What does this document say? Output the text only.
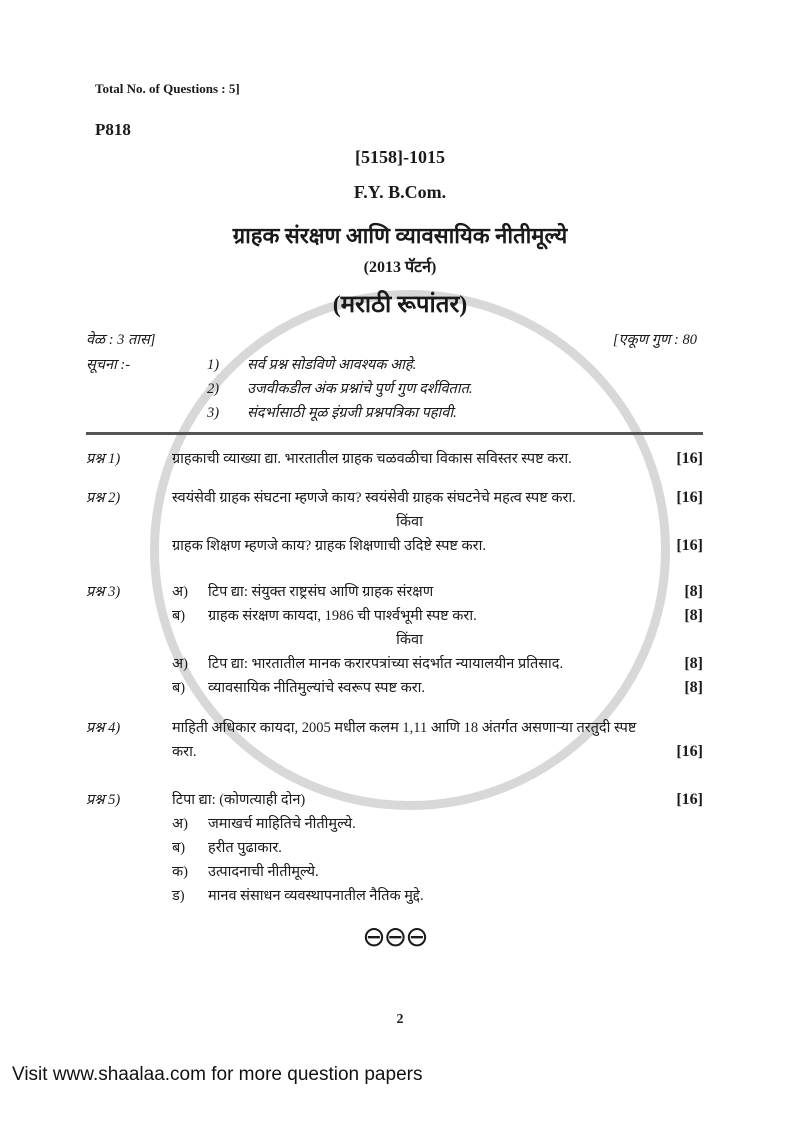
Total No. of Questions : 5]
P818
[5158]-1015
F.Y. B.Com.
ग्राहक संरक्षण आणि व्यावसायिक नीतीमूल्ये
(2013 पॅटर्न)
(मराठी रूपांतर)
वेळ : 3 तास]	[एकूण गुण : 80
सूचना :-	1)	सर्व प्रश्न सोडविणे आवश्यक आहे.
2)	उजवीकडील अंक प्रश्नांचे पुर्ण गुण दर्शवितात.
3)	संदर्भासाठी मूळ इंग्रजी प्रश्नपत्रिका पहावी.
प्रश्न 1)	ग्राहकाची व्याख्या द्या. भारतातील ग्राहक चळवळीचा विकास सविस्तर स्पष्ट करा.	[16]
प्रश्न 2)	स्वयंसेवी ग्राहक संघटना म्हणजे काय? स्वयंसेवी ग्राहक संघटनेचे महत्व स्पष्ट करा.	[16]
किंवा
ग्राहक शिक्षण म्हणजे काय? ग्राहक शिक्षणाची उदिष्टे स्पष्ट करा.	[16]
प्रश्न 3)	अ)	टिप द्या: संयुक्त राष्ट्रसंघ आणि ग्राहक संरक्षण	[8]
ब)	ग्राहक संरक्षण कायदा, 1986 ची पार्श्वभूमी स्पष्ट करा.	[8]
किंवा
अ)	टिप द्या: भारतातील मानक करारपत्रांच्या संदर्भात न्यायालयीन प्रतिसाद.	[8]
ब)	व्यावसायिक नीतिमुल्यांचे स्वरूप स्पष्ट करा.	[8]
प्रश्न 4)	माहिती अधिकार कायदा, 2005 मधील कलम 1,11 आणि 18 अंतर्गत असणाऱ्या तरतुदी स्पष्ट
करा.	[16]
प्रश्न 5)	टिपा द्या: (कोणत्याही दोन)	[16]
अ)	जमाखर्च माहितिचे नीतीमुल्ये.
ब)	हरीत पुढाकार.
क)	उत्पादनाची नीतीमूल्ये.
ड)	मानव संसाधन व्यवस्थापनातील नैतिक मुद्दे.
⊖⊖⊖
2
Visit www.shaalaa.com for more question papers
